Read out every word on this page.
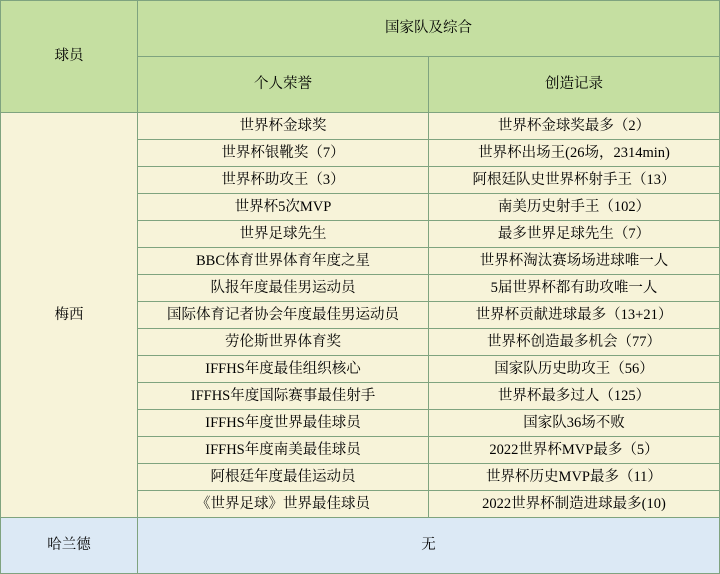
球员	国家队及综合	
	个人荣誉	创造记录
梅西	世界杯金球奖	世界杯金球奖最多（2）
	世界杯银靴奖（7）	世界杯出场王(26场，2314min)
	世界杯助攻王（3）	阿根廷队史世界杯射手王（13）
	世界杯5次MVP	南美历史射手王（102）
	世界足球先生	最多世界足球先生（7）
	BBC体育世界体育年度之星	世界杯淘汰赛场场进球唯一人
	队报年度最佳男运动员	5届世界杯都有助攻唯一人
	国际体育记者协会年度最佳男运动员	世界杯贡献进球最多（13+21）
	劳伦斯世界体育奖	世界杯创造最多机会（77）
	IFFHS年度最佳组织核心	国家队历史助攻王（56）
	IFFHS年度国际赛事最佳射手	世界杯最多过人（125）
	IFFHS年度世界最佳球员	国家队36场不败
	IFFHS年度南美最佳球员	2022世界杯MVP最多（5）
	阿根廷年度最佳运动员	世界杯历史MVP最多（11）
	《世界足球》世界最佳球员	2022世界杯制造进球最多(10)
哈兰德	无	
